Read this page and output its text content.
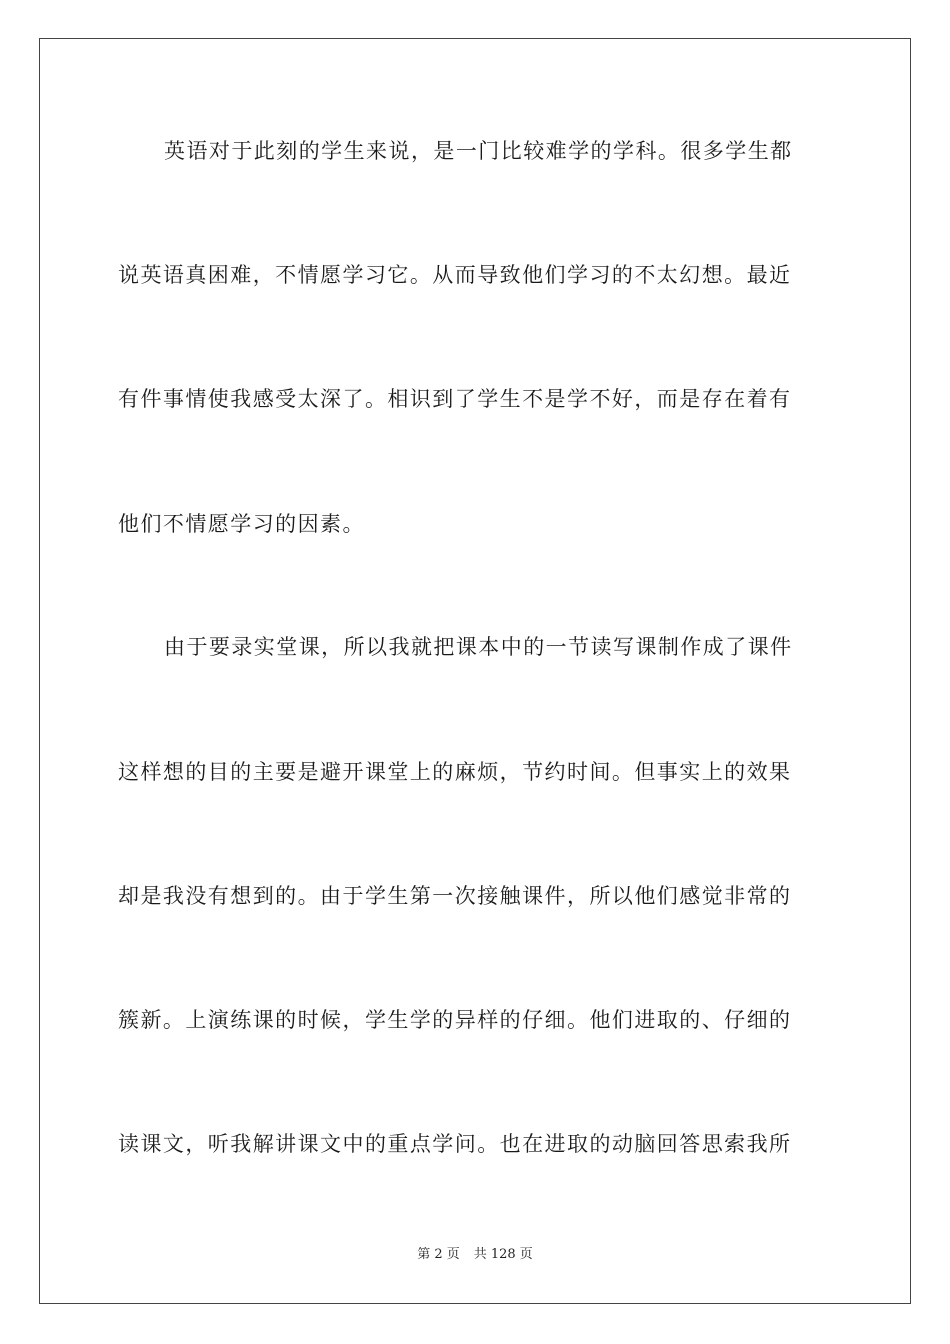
英语对于此刻的学生来说，是一门比较难学的学科。很多学生都
说英语真困难，不情愿学习它。从而导致他们学习的不太幻想。最近
有件事情使我感受太深了。相识到了学生不是学不好，而是存在着有
他们不情愿学习的因素。
由于要录实堂课，所以我就把课本中的一节读写课制作成了课件
这样想的目的主要是避开课堂上的麻烦，节约时间。但事实上的效果
却是我没有想到的。由于学生第一次接触课件，所以他们感觉非常的
簇新。上演练课的时候，学生学的异样的仔细。他们进取的、仔细的
读课文，听我解讲课文中的重点学问。也在进取的动脑回答思索我所
第 2 页 共 128 页
